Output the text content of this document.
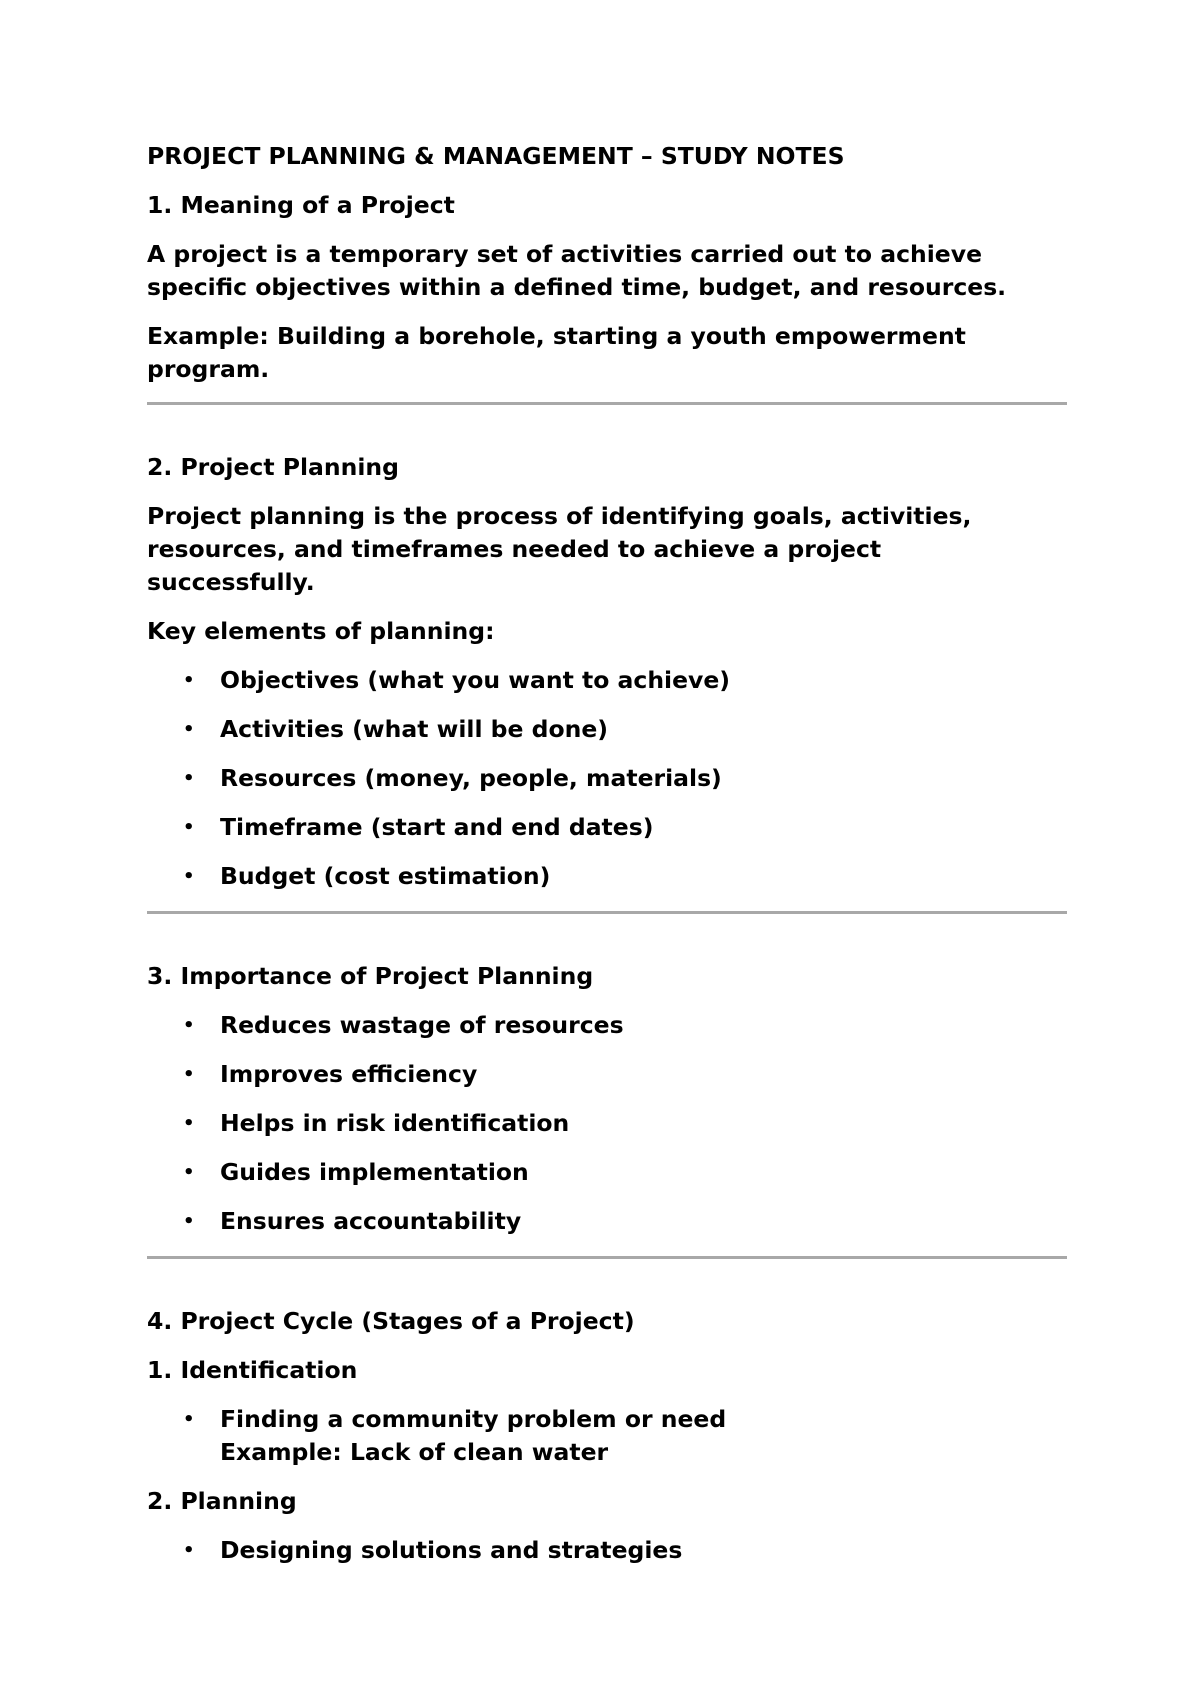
PROJECT PLANNING & MANAGEMENT – STUDY NOTES
1. Meaning of a Project

A project is a temporary set of activities carried out to achieve
specific objectives within a defined time, budget, and resources.

Example: Building a borehole, starting a youth empowerment
program.

2. Project Planning

Project planning is the process of identifying goals, activities,
resources, and timeframes needed to achieve a project
successfully.

Key elements of planning:

• Objectives (what you want to achieve)
• Activities (what will be done)
• Resources (money, people, materials)
• Timeframe (start and end dates)
• Budget (cost estimation)
3. Importance of Project Planning
• Reduces wastage of resources
• Improves efficiency
• Helps in risk identification
• Guides implementation
• Ensures accountability
4. Project Cycle (Stages of a Project)
1. Identification
• Finding a community problem or need
Example: Lack of clean water
2. Planning
• Designing solutions and strategies
